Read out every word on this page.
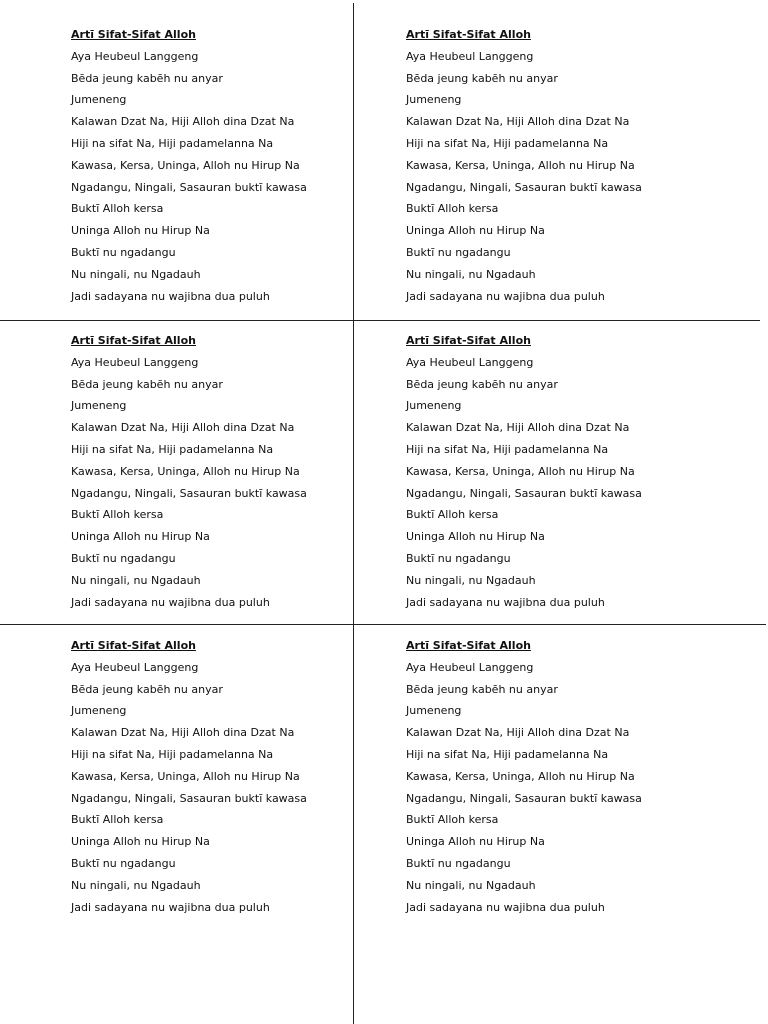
Artī Sifat-Sifat Alloh
Aya Heubeul Langgeng
Bēda jeung kabēh nu anyar
Jumeneng
Kalawan Dzat Na, Hiji Alloh dina Dzat Na
Hiji na sifat Na, Hiji padamelanna Na
Kawasa, Kersa, Uninga, Alloh nu Hirup Na
Ngadangu, Ningali, Sasauran buktī kawasa
Buktī Alloh kersa
Uninga Alloh nu Hirup Na
Buktī nu ngadangu
Nu ningali, nu Ngadauh
Jadi sadayana nu wajibna dua puluh
Artī Sifat-Sifat Alloh
Aya Heubeul Langgeng
Bēda jeung kabēh nu anyar
Jumeneng
Kalawan Dzat Na, Hiji Alloh dina Dzat Na
Hiji na sifat Na, Hiji padamelanna Na
Kawasa, Kersa, Uninga, Alloh nu Hirup Na
Ngadangu, Ningali, Sasauran buktī kawasa
Buktī Alloh kersa
Uninga Alloh nu Hirup Na
Buktī nu ngadangu
Nu ningali, nu Ngadauh
Jadi sadayana nu wajibna dua puluh
Artī Sifat-Sifat Alloh
Aya Heubeul Langgeng
Bēda jeung kabēh nu anyar
Jumeneng
Kalawan Dzat Na, Hiji Alloh dina Dzat Na
Hiji na sifat Na, Hiji padamelanna Na
Kawasa, Kersa, Uninga, Alloh nu Hirup Na
Ngadangu, Ningali, Sasauran buktī kawasa
Buktī Alloh kersa
Uninga Alloh nu Hirup Na
Buktī nu ngadangu
Nu ningali, nu Ngadauh
Jadi sadayana nu wajibna dua puluh
Artī Sifat-Sifat Alloh
Aya Heubeul Langgeng
Bēda jeung kabēh nu anyar
Jumeneng
Kalawan Dzat Na, Hiji Alloh dina Dzat Na
Hiji na sifat Na, Hiji padamelanna Na
Kawasa, Kersa, Uninga, Alloh nu Hirup Na
Ngadangu, Ningali, Sasauran buktī kawasa
Buktī Alloh kersa
Uninga Alloh nu Hirup Na
Buktī nu ngadangu
Nu ningali, nu Ngadauh
Jadi sadayana nu wajibna dua puluh
Artī Sifat-Sifat Alloh
Aya Heubeul Langgeng
Bēda jeung kabēh nu anyar
Jumeneng
Kalawan Dzat Na, Hiji Alloh dina Dzat Na
Hiji na sifat Na, Hiji padamelanna Na
Kawasa, Kersa, Uninga, Alloh nu Hirup Na
Ngadangu, Ningali, Sasauran buktī kawasa
Buktī Alloh kersa
Uninga Alloh nu Hirup Na
Buktī nu ngadangu
Nu ningali, nu Ngadauh
Jadi sadayana nu wajibna dua puluh
Artī Sifat-Sifat Alloh
Aya Heubeul Langgeng
Bēda jeung kabēh nu anyar
Jumeneng
Kalawan Dzat Na, Hiji Alloh dina Dzat Na
Hiji na sifat Na, Hiji padamelanna Na
Kawasa, Kersa, Uninga, Alloh nu Hirup Na
Ngadangu, Ningali, Sasauran buktī kawasa
Buktī Alloh kersa
Uninga Alloh nu Hirup Na
Buktī nu ngadangu
Nu ningali, nu Ngadauh
Jadi sadayana nu wajibna dua puluh
